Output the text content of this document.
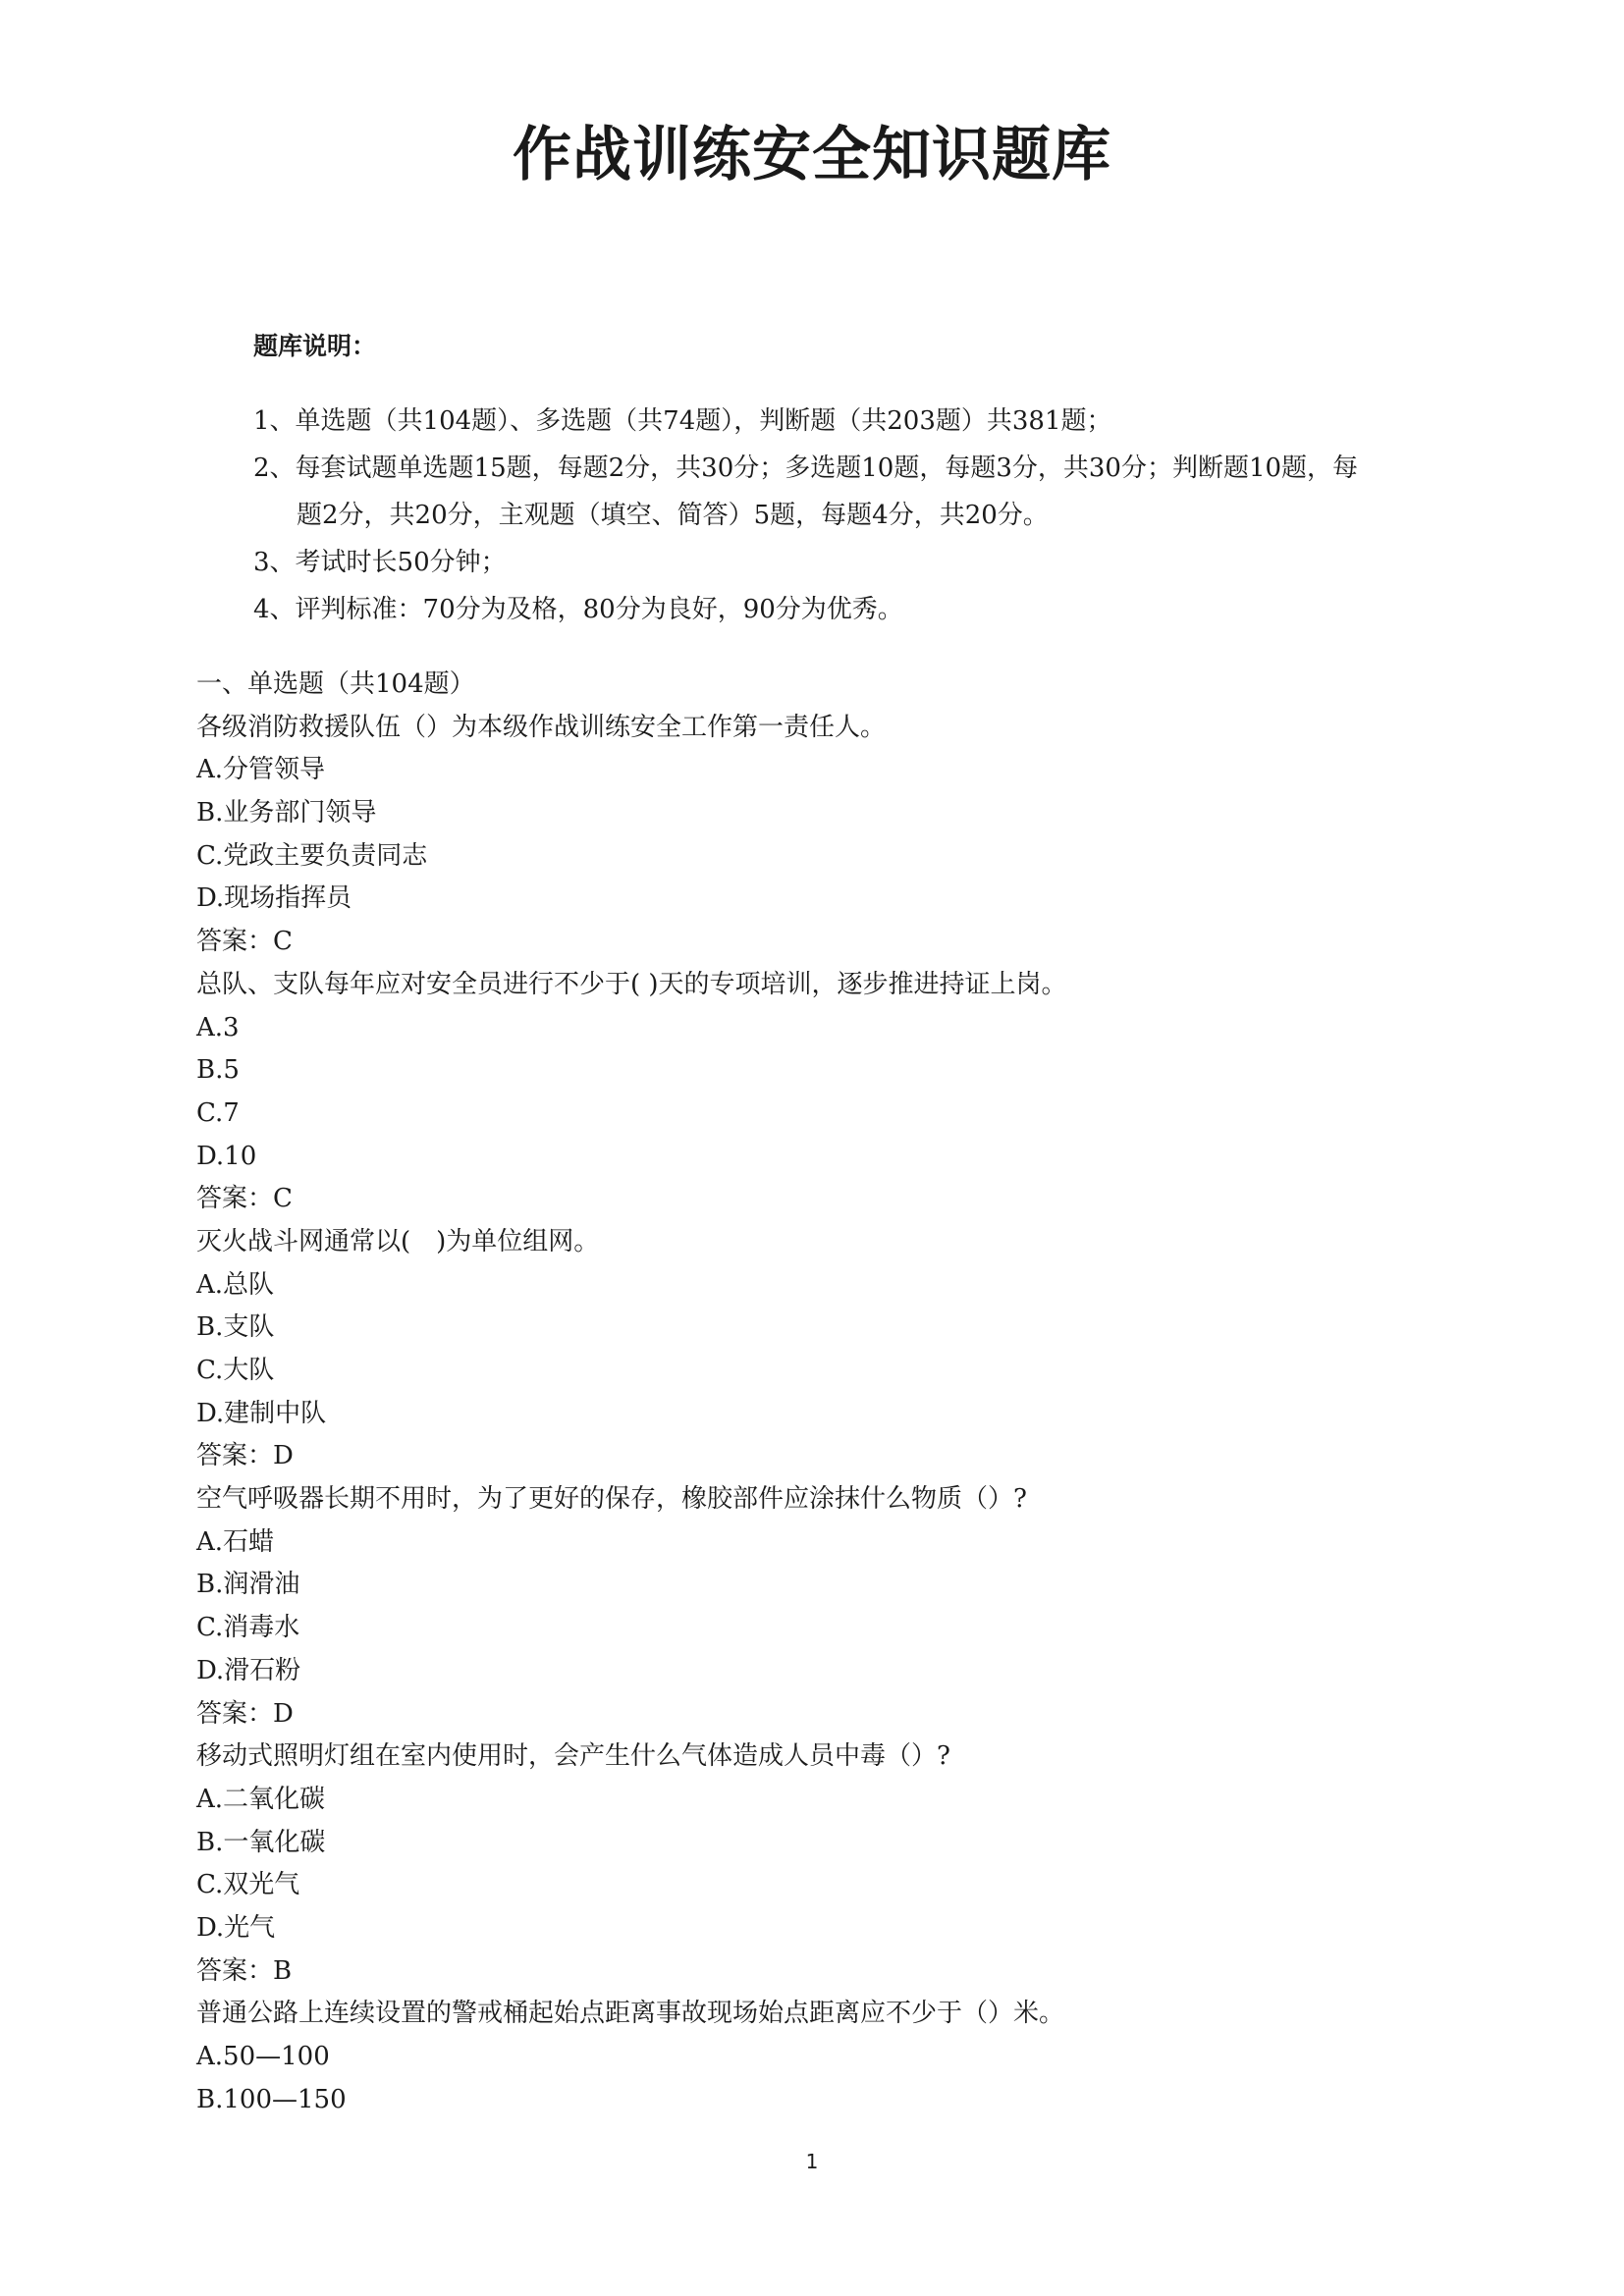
作战训练安全知识题库
题库说明：
1、单选题（共104题）、多选题（共74题），判断题（共203题）共381题；
2、每套试题单选题15题，每题2分，共30分；多选题10题，每题3分，共30分；判断题10题，每
题2分，共20分，主观题（填空、简答）5题，每题4分，共20分。
3、考试时长50分钟；
4、评判标准：70分为及格，80分为良好，90分为优秀。
一、单选题（共104题）
各级消防救援队伍（）为本级作战训练安全工作第一责任人。
A.分管领导
B.业务部门领导
C.党政主要负责同志
D.现场指挥员
答案：C
总队、支队每年应对安全员进行不少于( )天的专项培训，逐步推进持证上岗。
A.3
B.5
C.7
D.10
答案：C
灭火战斗网通常以(　)为单位组网。
A.总队
B.支队
C.大队
D.建制中队
答案：D
空气呼吸器长期不用时，为了更好的保存，橡胶部件应涂抹什么物质（）?
A.石蜡
B.润滑油
C.消毒水
D.滑石粉
答案：D
移动式照明灯组在室内使用时，会产生什么气体造成人员中毒（）?
A.二氧化碳
B.一氧化碳
C.双光气
D.光气
答案：B
普通公路上连续设置的警戒桶起始点距离事故现场始点距离应不少于（）米。
A.50—100
B.100—150
1
